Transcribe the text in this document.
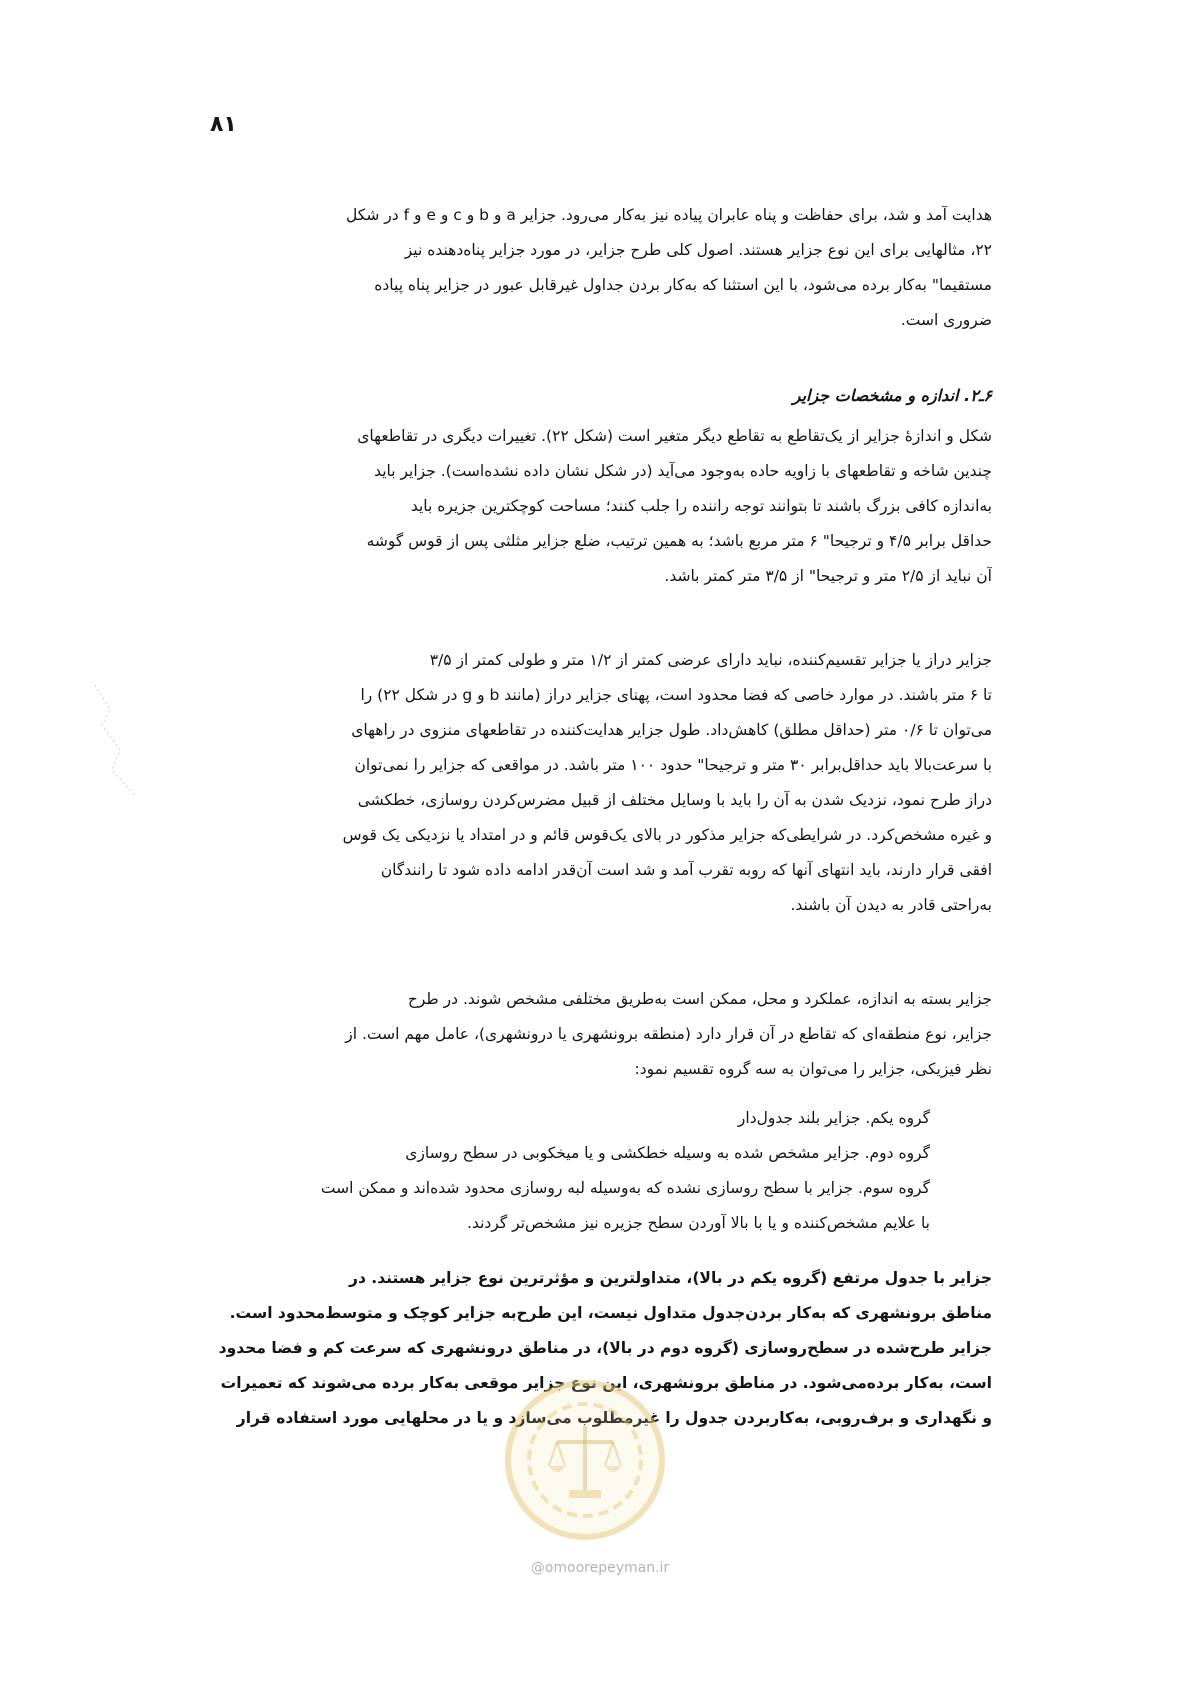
۸۱

هدایت آمد و شد، برای حفاظت و پناه عابران پیاده نیز به‌کار می‌رود. جزایر a و b و c و e و f در شکل
۲۲، مثالهایی برای این نوع جزایر هستند. اصول کلی طرح جزایر، در مورد جزایر پناه‌دهنده نیز
مستقیما" به‌کار برده می‌شود، با این استثنا که به‌کار بردن جداول غیرقابل عبور در جزایر پناه پیاده
ضروری است.

۶ـ۲. اندازه و مشخصات جزایر

شکل و اندازه‌ٔ جزایر از یک‌تقاطع به تقاطع دیگر متغیر است (شکل ۲۲). تغییرات دیگری در تقاطعهای
چندین شاخه و تقاطعهای با زاویه حاده به‌وجود می‌آید (در شکل نشان داده نشده‌است). جزایر باید
به‌اندازه کافی بزرگ باشند تا بتوانند توجه راننده را جلب کنند؛ مساحت کوچکترین جزیره باید
حداقل برابر ۴/۵ و ترجیحا" ۶ متر مربع باشد؛ به همین ترتیب، ضلع جزایر مثلثی پس از قوس گوشه
آن نباید از ۲/۵ متر و ترجیحا" از ۳/۵ متر کمتر باشد.

جزایر دراز یا جزایر تقسیم‌کننده، نباید دارای عرضی کمتر از ۱/۲ متر و طولی کمتر از ۳/۵
تا ۶ متر باشند. در موارد خاصی که فضا محدود است، پهنای جزایر دراز (مانند b و g در شکل ۲۲) را
می‌توان تا ۰/۶ متر (حداقل مطلق) کاهش‌داد. طول جزایر هدایت‌کننده در تقاطعهای منزوی در راههای
با سرعت‌بالا باید حداقل‌برابر ۳۰ متر و ترجیحا" حدود ۱۰۰ متر باشد. در مواقعی که جزایر را نمی‌توان
دراز طرح نمود، نزدیک شدن به آن را باید با وسایل مختلف از قبیل مضرس‌کردن روسازی، خطکشی
و غیره مشخص‌کرد. در شرایطی‌که جزایر مذکور در بالای یک‌قوس قائم و در امتداد یا نزدیکی یک قوس
افقی قرار دارند، باید انتهای آنها که روبه تقرب آمد و شد است آن‌قدر ادامه داده شود تا رانندگان
به‌راحتی قادر به دیدن آن باشند.

جزایر بسته به اندازه، عملکرد و محل، ممکن است به‌طریق مختلفی مشخص شوند. در طرح
جزایر، نوع منطقه‌ای که تقاطع در آن قرار دارد (منطقه برونشهری یا درونشهری)، عامل مهم است. از
نظر فیزیکی، جزایر را می‌توان به سه گروه تقسیم نمود:

گروه یکم. جزایر بلند جدول‌دار
گروه دوم. جزایر مشخص شده به وسیله خطکشی و یا میخکوبی در سطح روسازی
گروه سوم. جزایر با سطح روسازی نشده که به‌وسیله لبه روسازی محدود شده‌اند و ممکن است
با علایم مشخص‌کننده و یا با بالا آوردن سطح جزیره نیز مشخص‌تر گردند.

جزایر با جدول مرتفع (گروه یکم در بالا)، متداولترین و مؤثرترین نوع جزایر هستند. در
مناطق برونشهری که به‌کار بردن‌جدول متداول نیست، این طرح‌به جزایر کوچک و متوسط‌محدود است.
جزایر طرح‌شده در سطح‌روسازی (گروه دوم در بالا)، در مناطق درونشهری که سرعت کم و فضا محدود
است، به‌کار برده‌می‌شود. در مناطق برونشهری، این نوع جزایر موقعی به‌کار برده می‌شوند که تعمیرات
و نگهداری و برف‌روبی، به‌کاربردن جدول را غیرمطلوب می‌سازد و یا در محلهایی مورد استفاده قرار

@omoorepeyman.ir
